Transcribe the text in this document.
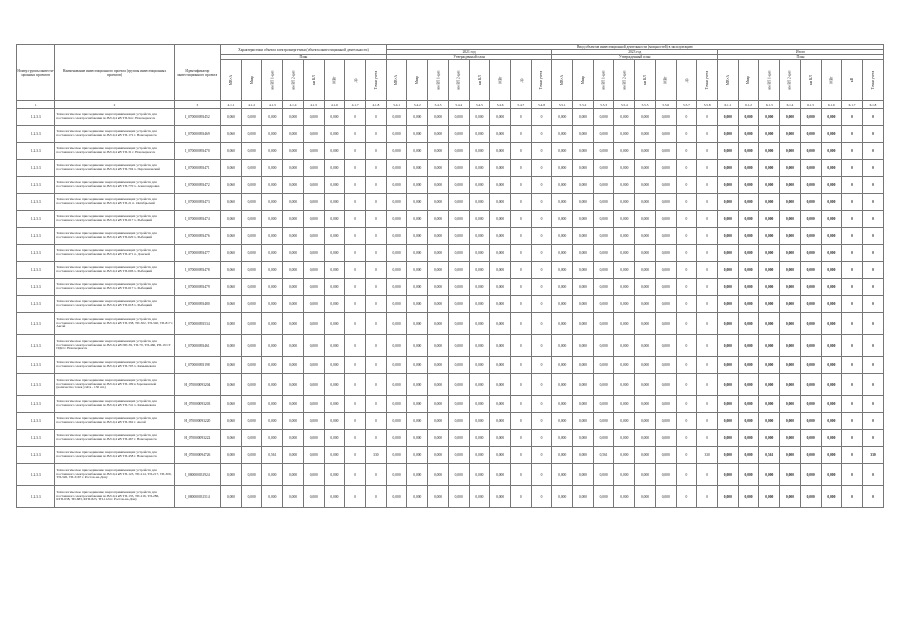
Номер группы инвести-ционных проектов	Наименование инвестиционного проекта (группы инвестиционных проектов)	Идентификатор инвестиционного проекта	Характеристики объекта электроэнергетики (объекта инвестиционной деятельности)								Ввод объектов инвестиционной деятельности (мощностей) в эксплуатацию																							
											2021 год								2023 год								Итого							
			План								Утвержденный план								Утвержденный план								План							
			МВ×А	Мвар	км ВЛ 1-цеп	км ВЛ 2-цеп	км КЛ	МВт	др.	Точки учета	МВ×А	Мвар	км ВЛ 1-цеп	км ВЛ 2-цеп	км КЛ	МВт	др.	Точки учета	МВ×А	Мвар	км ВЛ 1-цеп	км ВЛ 2-цеп	км КЛ	МВт	др.	Точки учета	МВ×А	Мвар	км ВЛ 1-цеп	км ВЛ 2-цеп	км КЛ	МВт	кВ	Точки учета
1	2	3	4.1.1	4.1.2	4.1.3	4.1.4	4.1.5	4.1.6	4.1.7	4.1.8	5.4.1	5.4.2	5.4.3	5.4.4	5.4.5	5.4.6	5.4.7	5.4.8	5.5.1	5.5.2	5.5.3	5.5.4	5.5.5	5.5.6	5.5.7	5.5.8	6.1.1	6.1.2	6.1.3	6.1.4	6.1.5	6.1.6	6.1.7	6.1.8
1.2.3.3	Технологическое присоединение энергопринимающих устройств для постоянного электроснабжения по ВЛ-0,4 кВ ТП-94 г. Новочеркасск	I_070000093452	0,060	0,000	0,000	0,000	0,000	0,000	0	0	0,000	0,000	0,000	0,000	0,000	0,000	0	0	0,000	0,000	0,000	0,000	0,000	0,000	0	0	0,000	0,000	0,000	0,000	0,000	0,000	0	0
1.2.3.3	Технологическое присоединение энергопринимающих устройств для постоянного электроснабжения по ВЛ-0,4 кВ ТП-172 г. Новочеркасск	I_070000093469	0,060	0,000	0,000	0,000	0,000	0,000	0	0	0,000	0,000	0,000	0,000	0,000	0,000	0	0	0,000	0,000	0,000	0,000	0,000	0,000	0	0	0,000	0,000	0,000	0,000	0,000	0,000	0	0
1.2.3.3	Технологическое присоединение энергопринимающих устройств для постоянного электроснабжения по ВЛ-0,4 кВ ТП-31 г. Новочеркасск	I_070000093470	0,060	0,000	0,000	0,000	0,000	0,000	0	0	0,000	0,000	0,000	0,000	0,000	0,000	0	0	0,000	0,000	0,000	0,000	0,000	0,000	0	0	0,000	0,000	0,000	0,000	0,000	0,000	0	0
1.2.3.3	Технологическое присоединение энергопринимающих устройств для постоянного электроснабжения по ВЛ-0,4 кВ ТП-704 х. Персиановский	I_070000093471	0,060	0,000	0,000	0,000	0,000	0,000	0	0	0,000	0,000	0,000	0,000	0,000	0,000	0	0	0,000	0,000	0,000	0,000	0,000	0,000	0	0	0,000	0,000	0,000	0,000	0,000	0,000	0	0
1.2.3.3	Технологическое присоединение энергопринимающих устройств для постоянного электроснабжения по ВЛ-0,4 кВ ТП-770 х. Александровка	I_070000093472	0,060	0,000	0,000	0,000	0,000	0,000	0	0	0,000	0,000	0,000	0,000	0,000	0,000	0	0	0,000	0,000	0,000	0,000	0,000	0,000	0	0	0,000	0,000	0,000	0,000	0,000	0,000	0	0
1.2.3.3	Технологическое присоединение энергопринимающих устройств для постоянного электроснабжения по ВЛ-0,4 кВ ТП-21 п. Октябрьский	I_070000093473	0,060	0,000	0,000	0,000	0,000	0,000	0	0	0,000	0,000	0,000	0,000	0,000	0,000	0	0	0,000	0,000	0,000	0,000	0,000	0,000	0	0	0,000	0,000	0,000	0,000	0,000	0,000	0	0
1.2.3.3	Технологическое присоединение энергопринимающих устройств для постоянного электроснабжения по ВЛ-0,4 кВ ТП-617 х. Рыбацкий	I_070000093474	0,060	0,000	0,000	0,000	0,000	0,000	0	0	0,000	0,000	0,000	0,000	0,000	0,000	0	0	0,000	0,000	0,000	0,000	0,000	0,000	0	0	0,000	0,000	0,000	0,000	0,000	0,000	0	0
1.2.3.3	Технологическое присоединение энергопринимающих устройств для постоянного электроснабжения по ВЛ-0,4 кВ ТП-620 х. Рыбацкий	I_070000093476	0,060	0,000	0,000	0,000	0,000	0,000	0	0	0,000	0,000	0,000	0,000	0,000	0,000	0	0	0,000	0,000	0,000	0,000	0,000	0,000	0	0	0,000	0,000	0,000	0,000	0,000	0,000	0	0
1.2.3.3	Технологическое присоединение энергопринимающих устройств для постоянного электроснабжения по ВЛ-0,4 кВ ТП-471 п. Донской	I_070000093477	0,060	0,000	0,000	0,000	0,000	0,000	0	0	0,000	0,000	0,000	0,000	0,000	0,000	0	0	0,000	0,000	0,000	0,000	0,000	0,000	0	0	0,000	0,000	0,000	0,000	0,000	0,000	0	0
1.2.3.3	Технологическое присоединение энергопринимающих устройств для постоянного электроснабжения по ВЛ-0,4 кВ ТП-606 х. Рыбацкий	I_070000093478	0,060	0,000	0,000	0,000	0,000	0,000	0	0	0,000	0,000	0,000	0,000	0,000	0,000	0	0	0,000	0,000	0,000	0,000	0,000	0,000	0	0	0,000	0,000	0,000	0,000	0,000	0,000	0	0
1.2.3.3	Технологическое присоединение энергопринимающих устройств для постоянного электроснабжения по ВЛ-0,4 кВ ТП-617 х. Рыбацкий	I_070000093479	0,060	0,000	0,000	0,000	0,000	0,000	0	0	0,000	0,000	0,000	0,000	0,000	0,000	0	0	0,000	0,000	0,000	0,000	0,000	0,000	0	0	0,000	0,000	0,000	0,000	0,000	0,000	0	0
1.2.3.3	Технологическое присоединение энергопринимающих устройств для постоянного электроснабжения по ВЛ-0,4 кВ ТП-618 х. Рыбацкий	I_070000093480	0,060	0,000	0,000	0,000	0,000	0,000	0	0	0,000	0,000	0,000	0,000	0,000	0,000	0	0	0,000	0,000	0,000	0,000	0,000	0,000	0	0	0,000	0,000	0,000	0,000	0,000	0,000	0	0
1.2.3.3	Технологическое присоединение энергопринимающих устройств для постоянного электроснабжения по ВЛ-0,4 кВ ТП-338, ТП-302, ТП-340, ТП-817 г. Аксай	I_070000093534	0,000	0,000	0,000	0,000	0,000	0,000	0	0	0,000	0,000	0,000	0,000	0,000	0,000	0	0	0,000	0,000	0,000	0,000	0,000	0,000	0	0	0,000	0,000	0,000	0,000	0,000	0,000	0	0
1.2.3.3	Технологическое присоединение энергопринимающих устройств для постоянного электроснабжения по ВЛ-0,4 кВ ПП-39, ТП-79, ТП-466, РП-19 СТ ПДО г. Новочеркасск	I_070000093461	0,000	0,000	0,000	0,000	0,000	0,000	0	0	0,000	0,000	0,000	0,000	0,000	0,000	0	0	0,000	0,000	0,000	0,000	0,000	0,000	0	0	0,000	0,000	0,000	0,000	0,000	0,000	0	0
1.2.3.3	Технологическое присоединение энергопринимающих устройств для постоянного электроснабжения по ВЛ-0,4 кВ ТП-703 х. Камышеваха	I_070000093198	0,060	0,000	0,000	0,000	0,000	0,000	0	0	0,000	0,000	0,000	0,000	0,000	0,000	0	0	0,000	0,000	0,000	0,000	0,000	0,000	0	0	0,000	0,000	0,000	0,000	0,000	0,000	0	0
1.2.3.3	Технологическое присоединение энергопринимающих устройств для постоянного электроснабжения по ВЛ-0,4 кВ ТП-109 в Заречненской (количество точек учёта - 130 шт.)	H_070000093204	0,060	0,000	0,000	0,000	0,000	0,000	0	0	0,000	0,000	0,000	0,000	0,000	0,000	0	0	0,000	0,000	0,000	0,000	0,000	0,000	0	0	0,000	0,000	0,000	0,000	0,000	0,000	0	0
1.2.3.3	Технологическое присоединение энергопринимающих устройств для постоянного электроснабжения по ВЛ-0,4 кВ ТП-741 х. Камышеваха	H_070000093203	0,060	0,000	0,000	0,000	0,000	0,000	0	0	0,000	0,000	0,000	0,000	0,000	0,000	0	0	0,000	0,000	0,000	0,000	0,000	0,000	0	0	0,000	0,000	0,000	0,000	0,000	0,000	0	0
1.2.3.3	Технологическое присоединение энергопринимающих устройств для постоянного электроснабжения по ВЛ-0,4 кВ ТП-362 г. Аксай	H_070000093220	0,060	0,000	0,000	0,000	0,000	0,000	0	0	0,000	0,000	0,000	0,000	0,000	0,000	0	0	0,000	0,000	0,000	0,000	0,000	0,000	0	0	0,000	0,000	0,000	0,000	0,000	0,000	0	0
1.2.3.3	Технологическое присоединение энергопринимающих устройств для постоянного электроснабжения по ВЛ-0,4 кВ ТП-467 г. Новочеркасск	H_070000093222	0,060	0,000	0,000	0,000	0,000	0,000	0	0	0,000	0,000	0,000	0,000	0,000	0,000	0	0	0,000	0,000	0,000	0,000	0,000	0,000	0	0	0,000	0,000	0,000	0,000	0,000	0,000	0	0
1.2.3.3	Технологическое присоединение энергопринимающих устройств для постоянного электроснабжения по ВЛ-0,4 кВ ТП-458 г. Новочеркасск	H_070000094726	0,000	0,000	0,561	0,000	0,000	0,000	0	330	0,000	0,000	0,000	0,000	0,000	0,000	0	0	0,000	0,000	0,561	0,000	0,000	0,000	0	330	0,000	0,000	0,561	0,000	0,000	0,000	0	330
1.2.3.3	Технологическое присоединение энергопринимающих устройств для постоянного электроснабжения по ВЛ-0,4 кВ ТП-123, ТП-214, ТП-217, ТП-309, ТП-326, ТП-3167 г. Ростов-на-Дону	I_080000031924	0,000	0,000	0,000	0,000	0,000	0,000	0	0	0,000	0,000	0,000	0,000	0,000	0,000	0	0	0,000	0,000	0,000	0,000	0,000	0,000	0	0	0,000	0,000	0,000	0,000	0,000	0,000	0	0
1.2.3.3	Технологическое присоединение энергопринимающих устройств для постоянного электроснабжения по ВЛ-0,4 кВ ТП-135, ТП-216, ТП-286, КТП-638, ТП-683, КТП-823, ТП-1124 г. Ростов-на-Дону	I_080000031514	0,000	0,000	0,000	0,000	0,000	0,000	0	0	0,000	0,000	0,000	0,000	0,000	0,000	0	0	0,000	0,000	0,000	0,000	0,000	0,000	0	0	0,000	0,000	0,000	0,000	0,000	0,000	0	0
